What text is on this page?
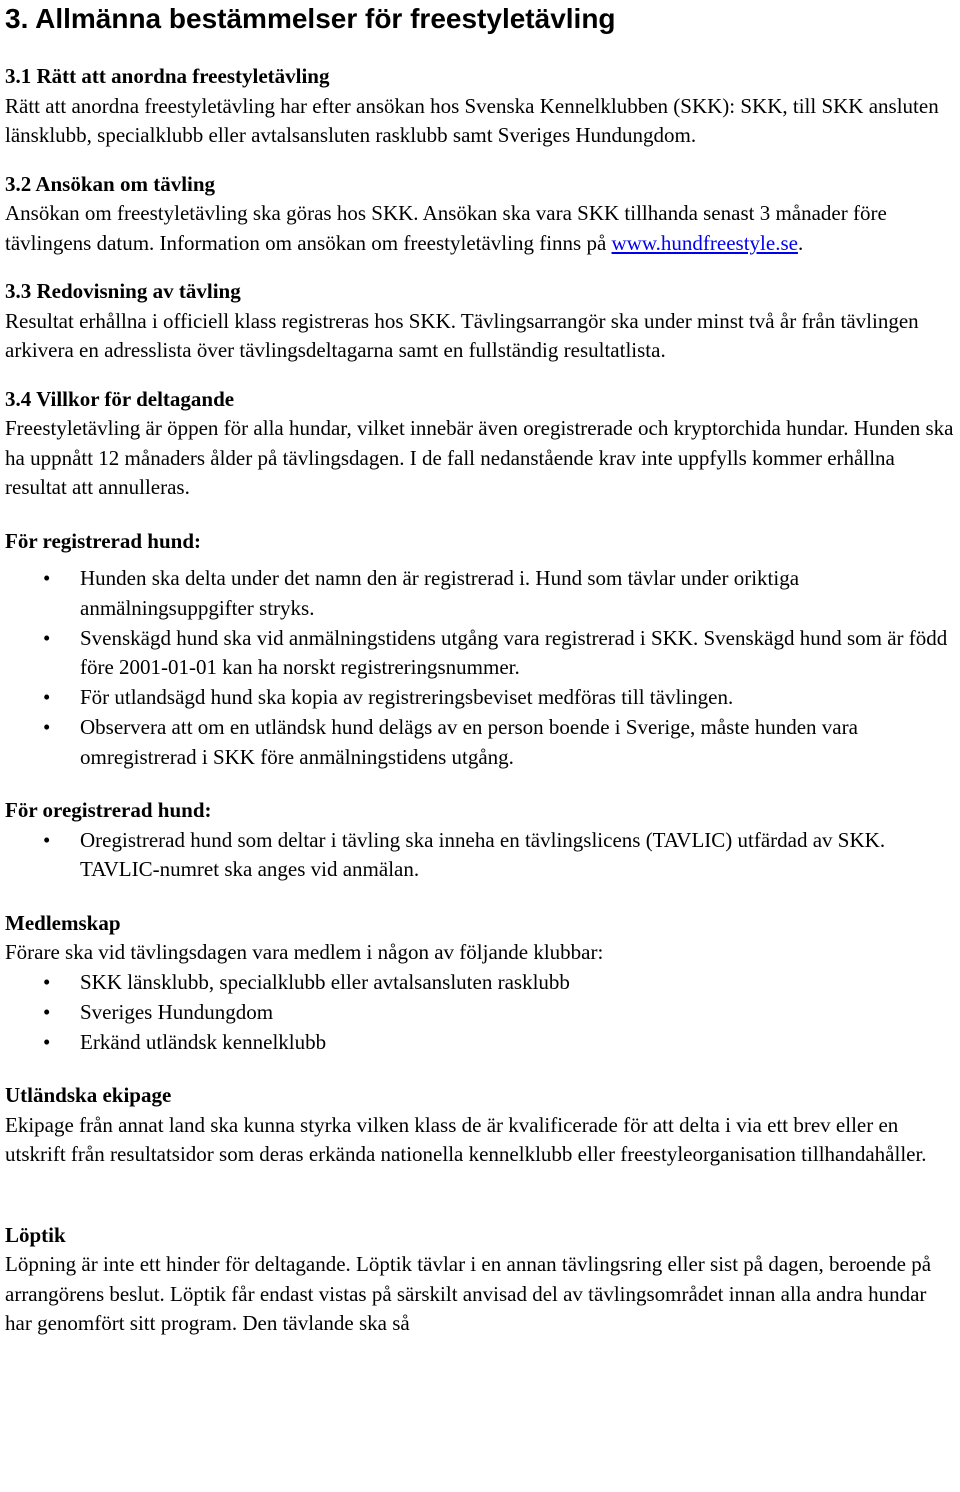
3. Allmänna bestämmelser för freestyletävling
3.1 Rätt att anordna freestyletävling

Rätt att anordna freestyletävling har efter ansökan hos Svenska Kennelklubben (SKK): SKK, till SKK ansluten länsklubb, specialklubb eller avtalsansluten rasklubb samt Sveriges Hundungdom.

3.2 Ansökan om tävling

Ansökan om freestyletävling ska göras hos SKK. Ansökan ska vara SKK tillhanda senast 3 månader före tävlingens datum. Information om ansökan om freestyletävling finns på www.hundfreestyle.se.

3.3 Redovisning av tävling

Resultat erhållna i officiell klass registreras hos SKK. Tävlingsarrangör ska under minst två år från tävlingen arkivera en adresslista över tävlingsdeltagarna samt en fullständig resultatlista.

3.4 Villkor för deltagande

Freestyletävling är öppen för alla hundar, vilket innebär även oregistrerade och kryptorchida hundar. Hunden ska ha uppnått 12 månaders ålder på tävlingsdagen. I de fall nedanstående krav inte uppfylls kommer erhållna resultat att annulleras.

För registrerad hund:
• Hunden ska delta under det namn den är registrerad i. Hund som tävlar under oriktiga anmälningsuppgifter stryks.
• Svenskägd hund ska vid anmälningstidens utgång vara registrerad i SKK. Svenskägd hund som är född före 2001-01-01 kan ha norskt registreringsnummer.
• För utlandsägd hund ska kopia av registreringsbeviset medföras till tävlingen.
• Observera att om en utländsk hund delägs av en person boende i Sverige, måste hunden vara omregistrerad i SKK före anmälningstidens utgång.
För oregistrerad hund:
• Oregistrerad hund som deltar i tävling ska inneha en tävlingslicens (TAVLIC) utfärdad av SKK. TAVLIC-numret ska anges vid anmälan.
Medlemskap

Förare ska vid tävlingsdagen vara medlem i någon av följande klubbar:

• SKK länsklubb, specialklubb eller avtalsansluten rasklubb
• Sveriges Hundungdom
• Erkänd utländsk kennelklubb
Utländska ekipage

Ekipage från annat land ska kunna styrka vilken klass de är kvalificerade för att delta i via ett brev eller en utskrift från resultatsidor som deras erkända nationella kennelklubb eller freestyleorganisation tillhandahåller.

Löptik

Löpning är inte ett hinder för deltagande. Löptik tävlar i en annan tävlingsring eller sist på dagen, beroende på arrangörens beslut. Löptik får endast vistas på särskilt anvisad del av tävlingsområdet innan alla andra hundar har genomfört sitt program. Den tävlande ska så
